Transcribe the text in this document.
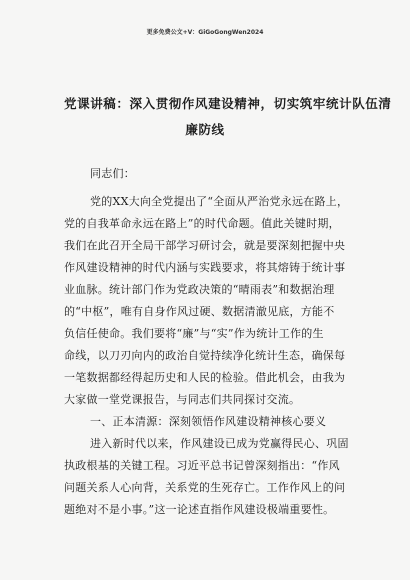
更多免费公文+V：GiGoGongWen2024
党课讲稿：深入贯彻作风建设精神，切实筑牢统计队伍清
廉防线
同志们：
党的XX大向全党提出了“全面从严治党永远在路上，
党的自我革命永远在路上”的时代命题。值此关键时期，
我们在此召开全局干部学习研讨会，就是要深刻把握中央
作风建设精神的时代内涵与实践要求，将其熔铸于统计事
业血脉。统计部门作为党政决策的“晴雨表”和数据治理
的“中枢”，唯有自身作风过硬、数据清澈见底，方能不
负信任使命。我们要将“廉”与“实”作为统计工作的生
命线，以刀刃向内的政治自觉持续净化统计生态，确保每
一笔数据都经得起历史和人民的检验。借此机会，由我为
大家做一堂党课报告，与同志们共同探讨交流。
一、正本清源：深刻领悟作风建设精神核心要义
进入新时代以来，作风建设已成为党赢得民心、巩固
执政根基的关键工程。习近平总书记曾深刻指出：“作风
问题关系人心向背，关系党的生死存亡。工作作风上的问
题绝对不是小事。”这一论述直指作风建设极端重要性。
